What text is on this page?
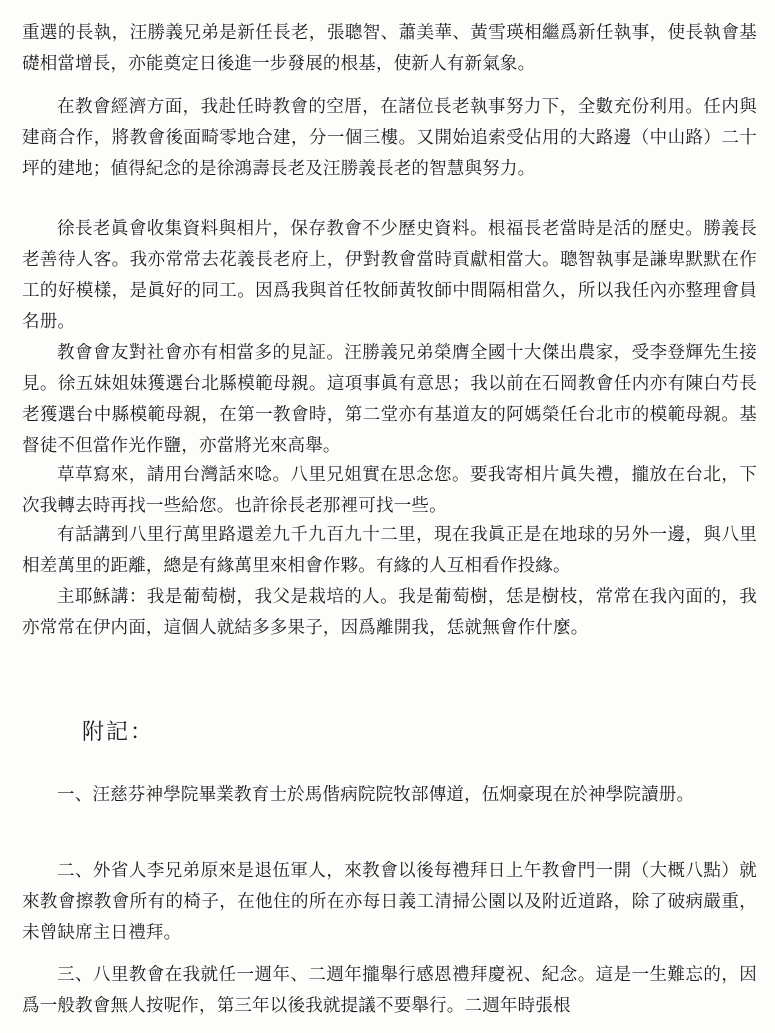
重選的長執，汪勝義兄弟是新任長老，張聰智、蕭美華、黃雪瑛相繼爲新任執事，使長執會基礎相當增長，亦能奠定日後進一步發展的根基，使新人有新氣象。

在教會經濟方面，我赴任時教會的空厝，在諸位長老執事努力下，全數充份利用。任内與建商合作，將教會後面畸零地合建，分一個三樓。又開始追索受佔用的大路邊（中山路）二十坪的建地；値得紀念的是徐鴻壽長老及汪勝義長老的智慧與努力。

徐長老眞會收集資料與相片，保存教會不少歷史資料。根福長老當時是活的歷史。勝義長老善待人客。我亦常常去花義長老府上，伊對教會當時貢獻相當大。聰智執事是謙卑默默在作工的好模樣，是眞好的同工。因爲我與首任牧師黃牧師中間隔相當久，所以我任內亦整理會員名册。

教會會友對社會亦有相當多的見証。汪勝義兄弟榮膺全國十大傑出農家，受李登輝先生接見。徐五妹姐妹獲選台北縣模範母親。這項事眞有意思；我以前在石岡教會任内亦有陳白芍長老獲選台中縣模範母親，在第一教會時，第二堂亦有基道友的阿媽榮任台北市的模範母親。基督徒不但當作光作鹽，亦當將光來高舉。

草草寫來，請用台灣話來唸。八里兄姐實在思念您。要我寄相片眞失禮，攏放在台北，下次我轉去時再找一些給您。也許徐長老那裡可找一些。

有話講到八里行萬里路還差九千九百九十二里，現在我眞正是在地球的另外一邊，與八里相差萬里的距離，總是有緣萬里來相會作夥。有緣的人互相看作投緣。

主耶穌講：我是葡萄樹，我父是栽培的人。我是葡萄樹，恁是樹枝，常常在我內面的，我亦常常在伊内面，這個人就結多多果子，因爲離開我，恁就無會作什麼。

附記：

一、汪慈芬神學院畢業教育士於馬偕病院院牧部傳道，伍炯豪現在於神學院讀册。

二、外省人李兄弟原來是退伍軍人，來教會以後每禮拜日上午教會門一開（大概八點）就來教會擦教會所有的椅子，在他住的所在亦每日義工清掃公園以及附近道路，除了破病嚴重，未曾缺席主日禮拜。

三、八里教會在我就任一週年、二週年攏舉行感恩禮拜慶祝、紀念。這是一生難忘的，因爲一般教會無人按呢作，第三年以後我就提議不要舉行。二週年時張根
